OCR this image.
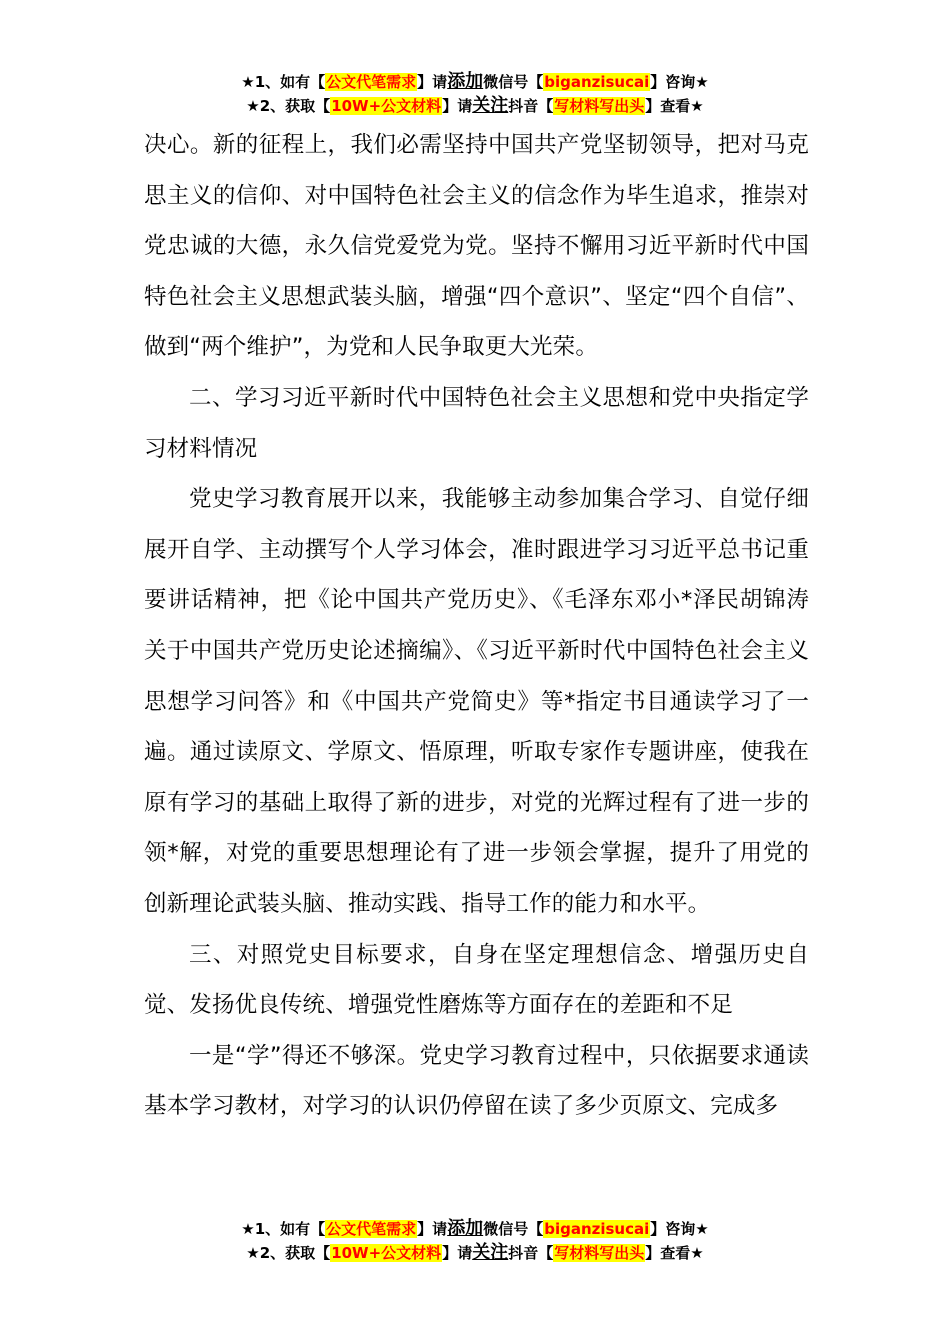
★1、如有【公文代笔需求】请添加微信号【biganzisucai】咨询★
★2、获取【10W+公文材料】请关注抖音【写材料写出头】查看★

决心。新的征程上，我们必需坚持中国共产党坚韧领导，把对马克思主义的信仰、对中国特色社会主义的信念作为毕生追求，推崇对党忠诚的大德，永久信党爱党为党。坚持不懈用习近平新时代中国特色社会主义思想武装头脑，增强“四个意识”、坚定“四个自信”、做到“两个维护”，为党和人民争取更大光荣。

二、学习习近平新时代中国特色社会主义思想和党中央指定学习材料情况

党史学习教育展开以来，我能够主动参加集合学习、自觉仔细展开自学、主动撰写个人学习体会，准时跟进学习习近平总书记重要讲话精神，把《论中国共产党历史》、《毛泽东邓小*泽民胡锦涛关于中国共产党历史论述摘编》、《习近平新时代中国特色社会主义思想学习问答》和《中国共产党简史》等*指定书目通读学习了一遍。通过读原文、学原文、悟原理，听取专家作专题讲座，使我在原有学习的基础上取得了新的进步，对党的光辉过程有了进一步的领*解，对党的重要思想理论有了进一步领会掌握，提升了用党的创新理论武装头脑、推动实践、指导工作的能力和水平。

三、对照党史目标要求，自身在坚定理想信念、增强历史自觉、发扬优良传统、增强党性磨炼等方面存在的差距和不足

一是“学”得还不够深。党史学习教育过程中，只依据要求通读基本学习教材，对学习的认识仍停留在读了多少页原文、完成多

★1、如有【公文代笔需求】请添加微信号【biganzisucai】咨询★
★2、获取【10W+公文材料】请关注抖音【写材料写出头】查看★
